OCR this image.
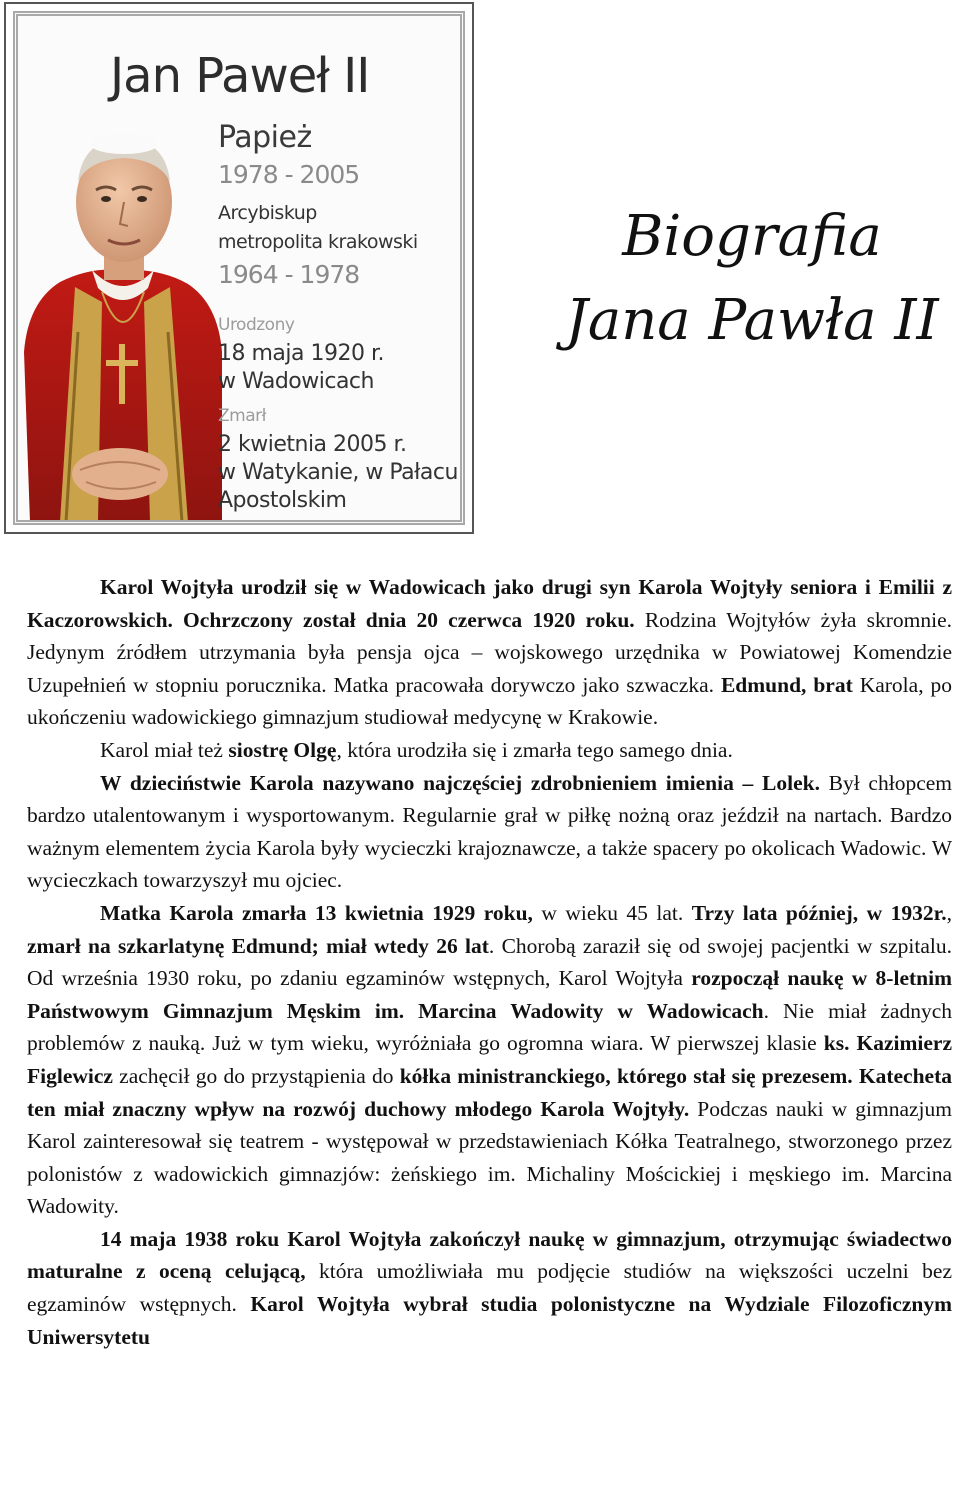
Jan Paweł II
Papież
1978 - 2005
Arcybiskup
metropolita krakowski
1964 - 1978
Urodzony
18 maja 1920 r.
w Wadowicach
Zmarł
2 kwietnia 2005 r.
w Watykanie, w Pałacu
Apostolskim
Biografia
Jana Pawła II

Karol Wojtyła urodził się w Wadowicach jako drugi syn Karola Wojtyły seniora i Emilii z Kaczorowskich. Ochrzczony został dnia 20 czerwca 1920 roku. Rodzina Wojtyłów żyła skromnie. Jedynym źródłem utrzymania była pensja ojca – wojskowego urzędnika w Powiatowej Komendzie Uzupełnień w stopniu porucznika. Matka pracowała dorywczo jako szwaczka. Edmund, brat Karola, po ukończeniu wadowickiego gimnazjum studiował medycynę w Krakowie.

Karol miał też siostrę Olgę, która urodziła się i zmarła tego samego dnia.

W dzieciństwie Karola nazywano najczęściej zdrobnieniem imienia – Lolek. Był chłopcem bardzo utalentowanym i wysportowanym. Regularnie grał w piłkę nożną oraz jeździł na nartach. Bardzo ważnym elementem życia Karola były wycieczki krajoznawcze, a także spacery po okolicach Wadowic. W wycieczkach towarzyszył mu ojciec.

Matka Karola zmarła 13 kwietnia 1929 roku, w wieku 45 lat. Trzy lata później, w 1932r., zmarł na szkarlatynę Edmund; miał wtedy 26 lat. Chorobą zaraził się od swojej pacjentki w szpitalu. Od września 1930 roku, po zdaniu egzaminów wstępnych, Karol Wojtyła rozpoczął naukę w 8-letnim Państwowym Gimnazjum Męskim im. Marcina Wadowity w Wadowicach. Nie miał żadnych problemów z nauką. Już w tym wieku, wyróżniała go ogromna wiara. W pierwszej klasie ks. Kazimierz Figlewicz zachęcił go do przystąpienia do kółka ministranckiego, którego stał się prezesem. Katecheta ten miał znaczny wpływ na rozwój duchowy młodego Karola Wojtyły. Podczas nauki w gimnazjum Karol zainteresował się teatrem - występował w przedstawieniach Kółka Teatralnego, stworzonego przez polonistów z wadowickich gimnazjów: żeńskiego im. Michaliny Mościckiej i męskiego im. Marcina Wadowity.

14 maja 1938 roku Karol Wojtyła zakończył naukę w gimnazjum, otrzymując świadectwo maturalne z oceną celującą, która umożliwiała mu podjęcie studiów na większości uczelni bez egzaminów wstępnych. Karol Wojtyła wybrał studia polonistyczne na Wydziale Filozoficznym Uniwersytetu
